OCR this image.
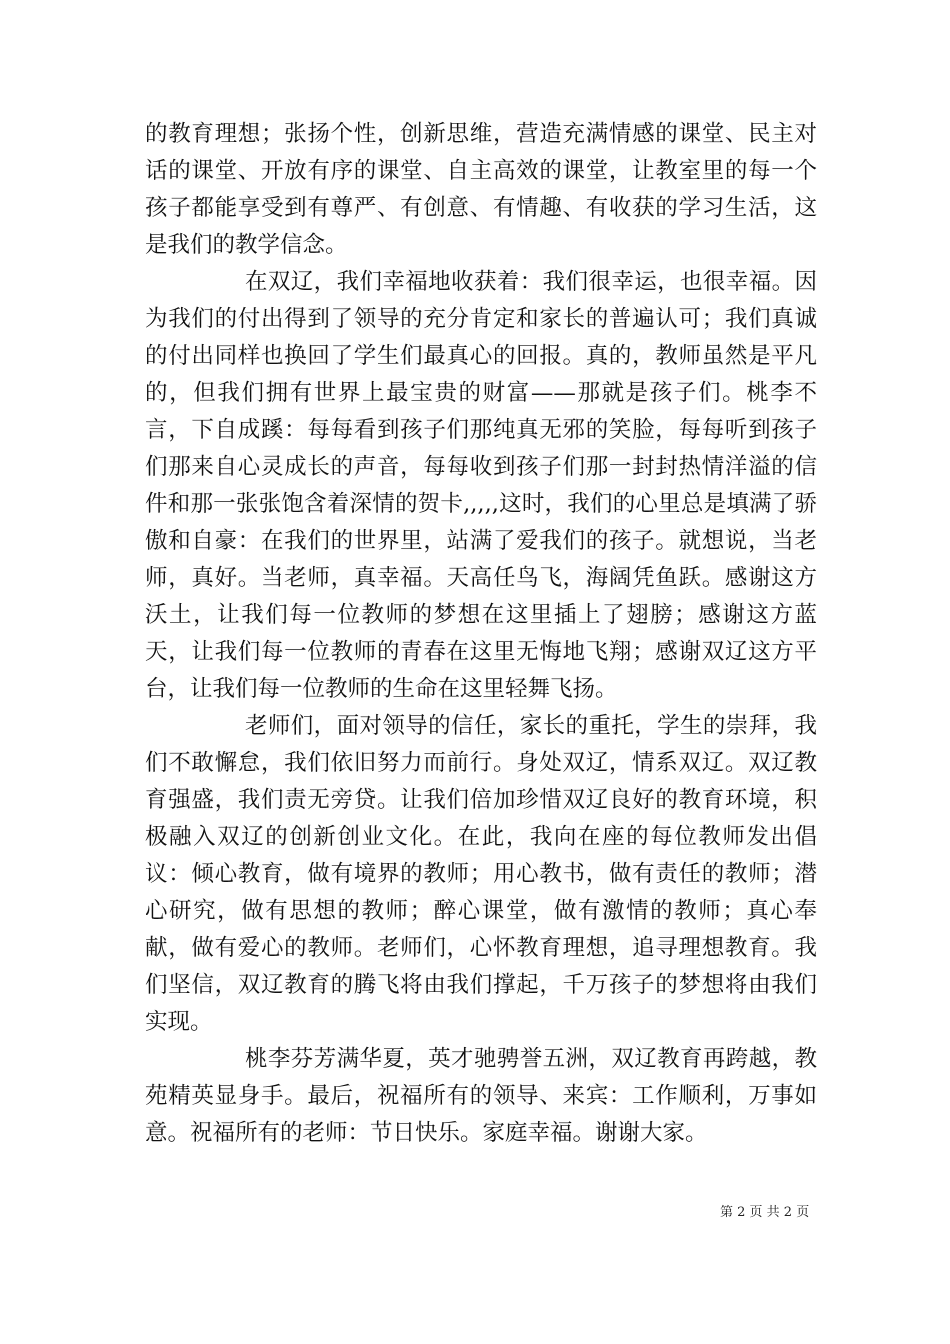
的教育理想；张扬个性，创新思维，营造充满情感的课堂、民主对话的课堂、开放有序的课堂、自主高效的课堂，让教室里的每一个孩子都能享受到有尊严、有创意、有情趣、有收获的学习生活，这是我们的教学信念。

在双辽，我们幸福地收获着：我们很幸运，也很幸福。因为我们的付出得到了领导的充分肯定和家长的普遍认可；我们真诚的付出同样也换回了学生们最真心的回报。真的，教师虽然是平凡的，但我们拥有世界上最宝贵的财富——那就是孩子们。桃李不言，下自成蹊：每每看到孩子们那纯真无邪的笑脸，每每听到孩子们那来自心灵成长的声音，每每收到孩子们那一封封热情洋溢的信件和那一张张饱含着深情的贺卡,,,,,这时，我们的心里总是填满了骄傲和自豪：在我们的世界里，站满了爱我们的孩子。就想说，当老师，真好。当老师，真幸福。天高任鸟飞，海阔凭鱼跃。感谢这方沃土，让我们每一位教师的梦想在这里插上了翅膀；感谢这方蓝天，让我们每一位教师的青春在这里无悔地飞翔；感谢双辽这方平台，让我们每一位教师的生命在这里轻舞飞扬。

老师们，面对领导的信任，家长的重托，学生的崇拜，我们不敢懈怠，我们依旧努力而前行。身处双辽，情系双辽。双辽教育强盛，我们责无旁贷。让我们倍加珍惜双辽良好的教育环境，积极融入双辽的创新创业文化。在此，我向在座的每位教师发出倡议：倾心教育，做有境界的教师；用心教书，做有责任的教师；潜心研究，做有思想的教师；醉心课堂，做有激情的教师；真心奉献，做有爱心的教师。老师们，心怀教育理想，追寻理想教育。我们坚信，双辽教育的腾飞将由我们撑起，千万孩子的梦想将由我们实现。

桃李芬芳满华夏，英才驰骋誉五洲，双辽教育再跨越，教苑精英显身手。最后，祝福所有的领导、来宾：工作顺利，万事如意。祝福所有的老师：节日快乐。家庭幸福。谢谢大家。

第 2 页 共 2 页
